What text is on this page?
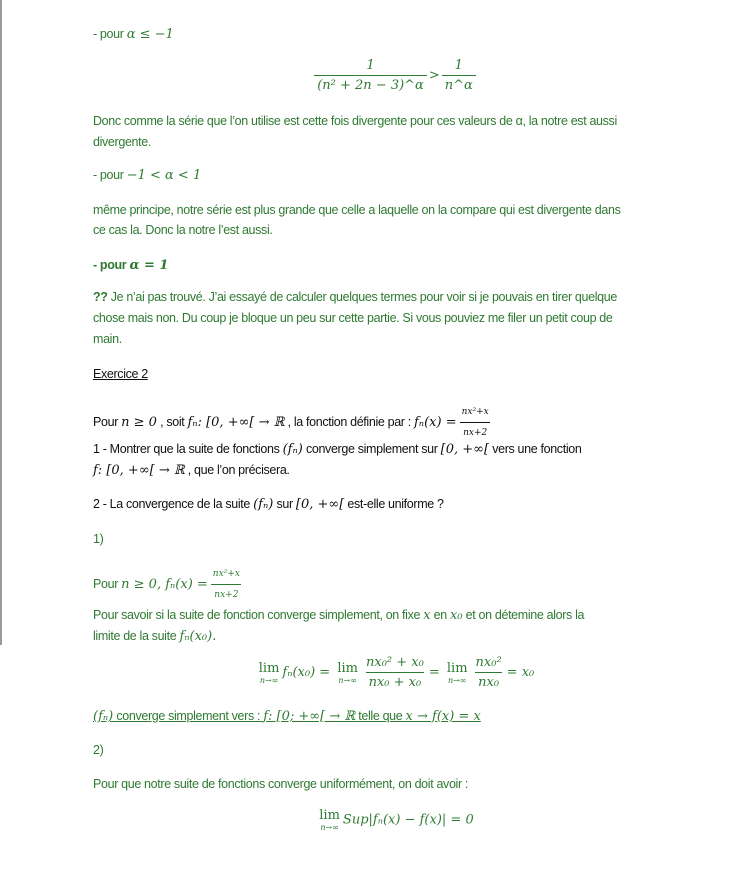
- pour α ≤ −1
$\frac{1}{\text{(n² + 2n − 3)\textasciicircum{}α}} > \frac{1}{n\^{}\alpha}$
Donc comme la série que l’on utilise est cette fois divergente pour ces valeurs de α, la notre est aussi
divergente.
- pour −1 < α < 1
même principe, notre série est plus grande que celle a laquelle on la compare qui est divergente dans
ce cas la. Donc la notre l’est aussi.
- pour α = 1
?? Je n’ai pas trouvé. J’ai essayé de calculer quelques termes pour voir si je pouvais en tirer quelque
chose mais non. Du coup je bloque un peu sur cette partie. Si vous pouviez me filer un petit coup de
main.
Exercice 2
Pour n ≥ 0 , soit fₙ: [0, +∞[ → ℝ , la fonction définie par : $f_n(x) = \frac{\text{nx²+x}}{nx+2}$
1 - Montrer que la suite de fonctions (fₙ) converge simplement sur [0, +∞[ vers une fonction
f: [0, +∞[ → ℝ , que l’on précisera.
2 - La convergence de la suite (fₙ) sur [0, +∞[ est-elle uniforme ?
1)
Pour n ≥ 0, $f_n(x) = \frac{\text{nx²+x}}{nx+2}$
Pour savoir si la suite de fonction converge simplement, on fixe x en x₀ et on détemine alors la
limite de la suite fₙ(x₀).
lim
n→∞ fₙ(x₀) = lim
$n\to\infty \frac{\text{nx₀² + x₀}}{\text{nx₀ + x₀}} = \lim$
$n\to\infty \frac{\text{nx₀²}}{\text{nx₀}} = x_0$
(fₙ) converge simplement vers : f: [0; +∞[ → ℝ telle que x → f(x) = x
2)
Pour que notre suite de fonctions converge uniformément, on doit avoir :
lim
n→∞ Sup|fₙ(x) − f(x)| = 0
